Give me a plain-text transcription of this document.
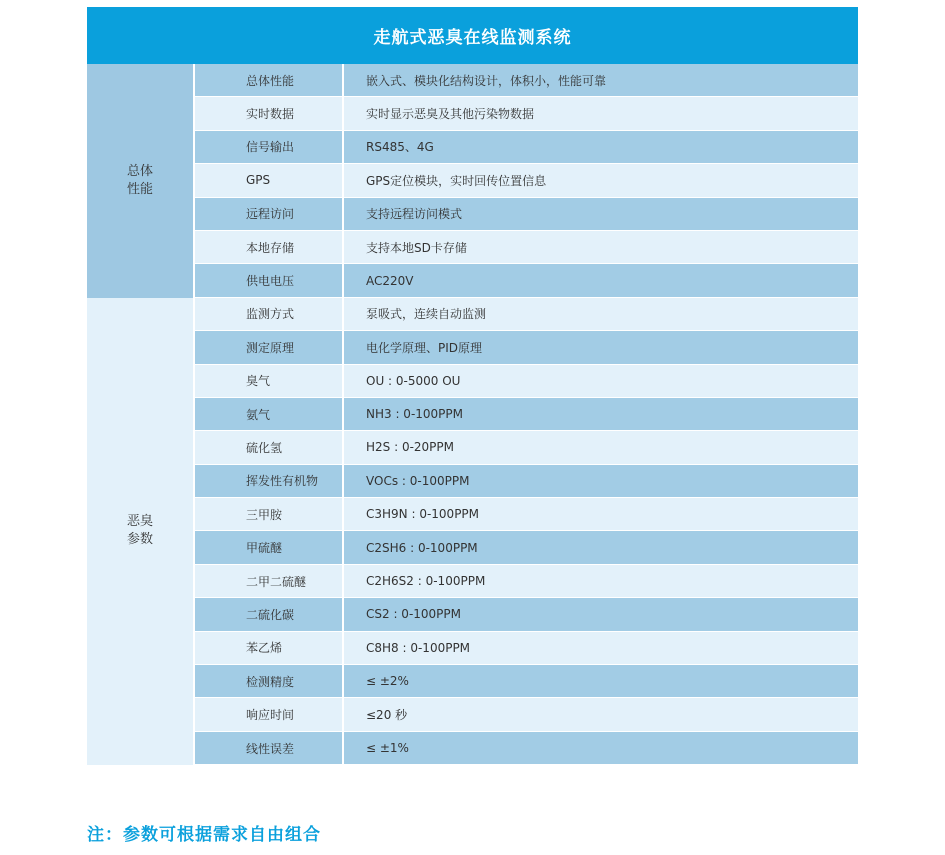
走航式恶臭在线监测系统
总体
性能
总体性能	嵌入式、模块化结构设计，体积小，性能可靠
实时数据	实时显示恶臭及其他污染物数据
信号输出	RS485、4G
GPS	GPS定位模块，实时回传位置信息
远程访问	支持远程访问模式
本地存储	支持本地SD卡存储
供电电压	AC220V
恶臭
参数
监测方式	泵吸式，连续自动监测
测定原理	电化学原理、PID原理
臭气	OU : 0-5000 OU
氨气	NH3 : 0-100PPM
硫化氢	H2S : 0-20PPM
挥发性有机物	VOCs : 0-100PPM
三甲胺	C3H9N : 0-100PPM
甲硫醚	C2SH6 : 0-100PPM
二甲二硫醚	C2H6S2 : 0-100PPM
二硫化碳	CS2 : 0-100PPM
苯乙烯	C8H8 : 0-100PPM
检测精度	≤ ±2%
响应时间	≤20 秒
线性误差	≤ ±1%
注：参数可根据需求自由组合
